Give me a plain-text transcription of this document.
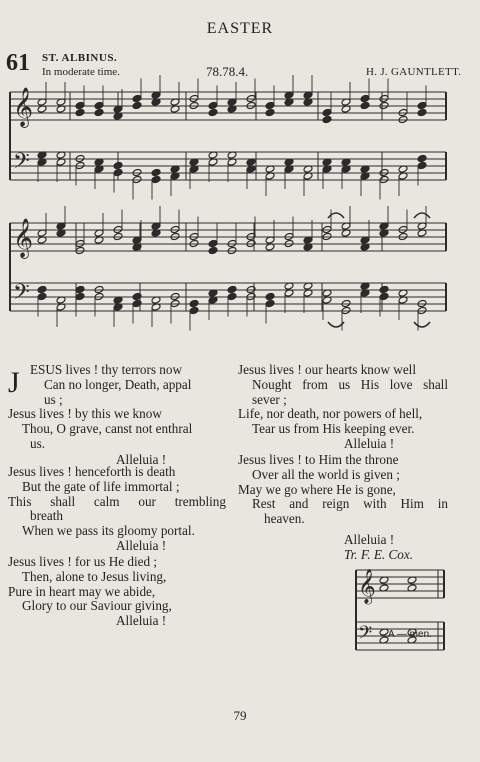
EASTER
61 ST. ALBINUS.
In moderate time.	78.78.4.	H. J. GAUNTLETT.
𝄞
𝄢
𝄞
𝄢
𝄞
𝄢 A — men.
J ESUS lives ! thy terrors now
Can no longer, Death, appal
us ;
Jesus lives ! by this we know
Thou, O grave, canst not enthral
us.
Alleluia !
Jesus lives ! henceforth is death
But the gate of life immortal ;
This shall calm our trembling
breath
When we pass its gloomy portal.
Alleluia !
Jesus lives ! for us He died ;
Then, alone to Jesus living,
Pure in heart may we abide,
Glory to our Saviour giving,
Alleluia !
Jesus lives ! our hearts know well
Nought from us His love shall
sever ;
Life, nor death, nor powers of hell,
Tear us from His keeping ever.
Alleluia !
Jesus lives ! to Him the throne
Over all the world is given ;
May we go where He is gone,
Rest and reign with Him in
heaven.
Alleluia !
Tr. F. E. Cox.
79
